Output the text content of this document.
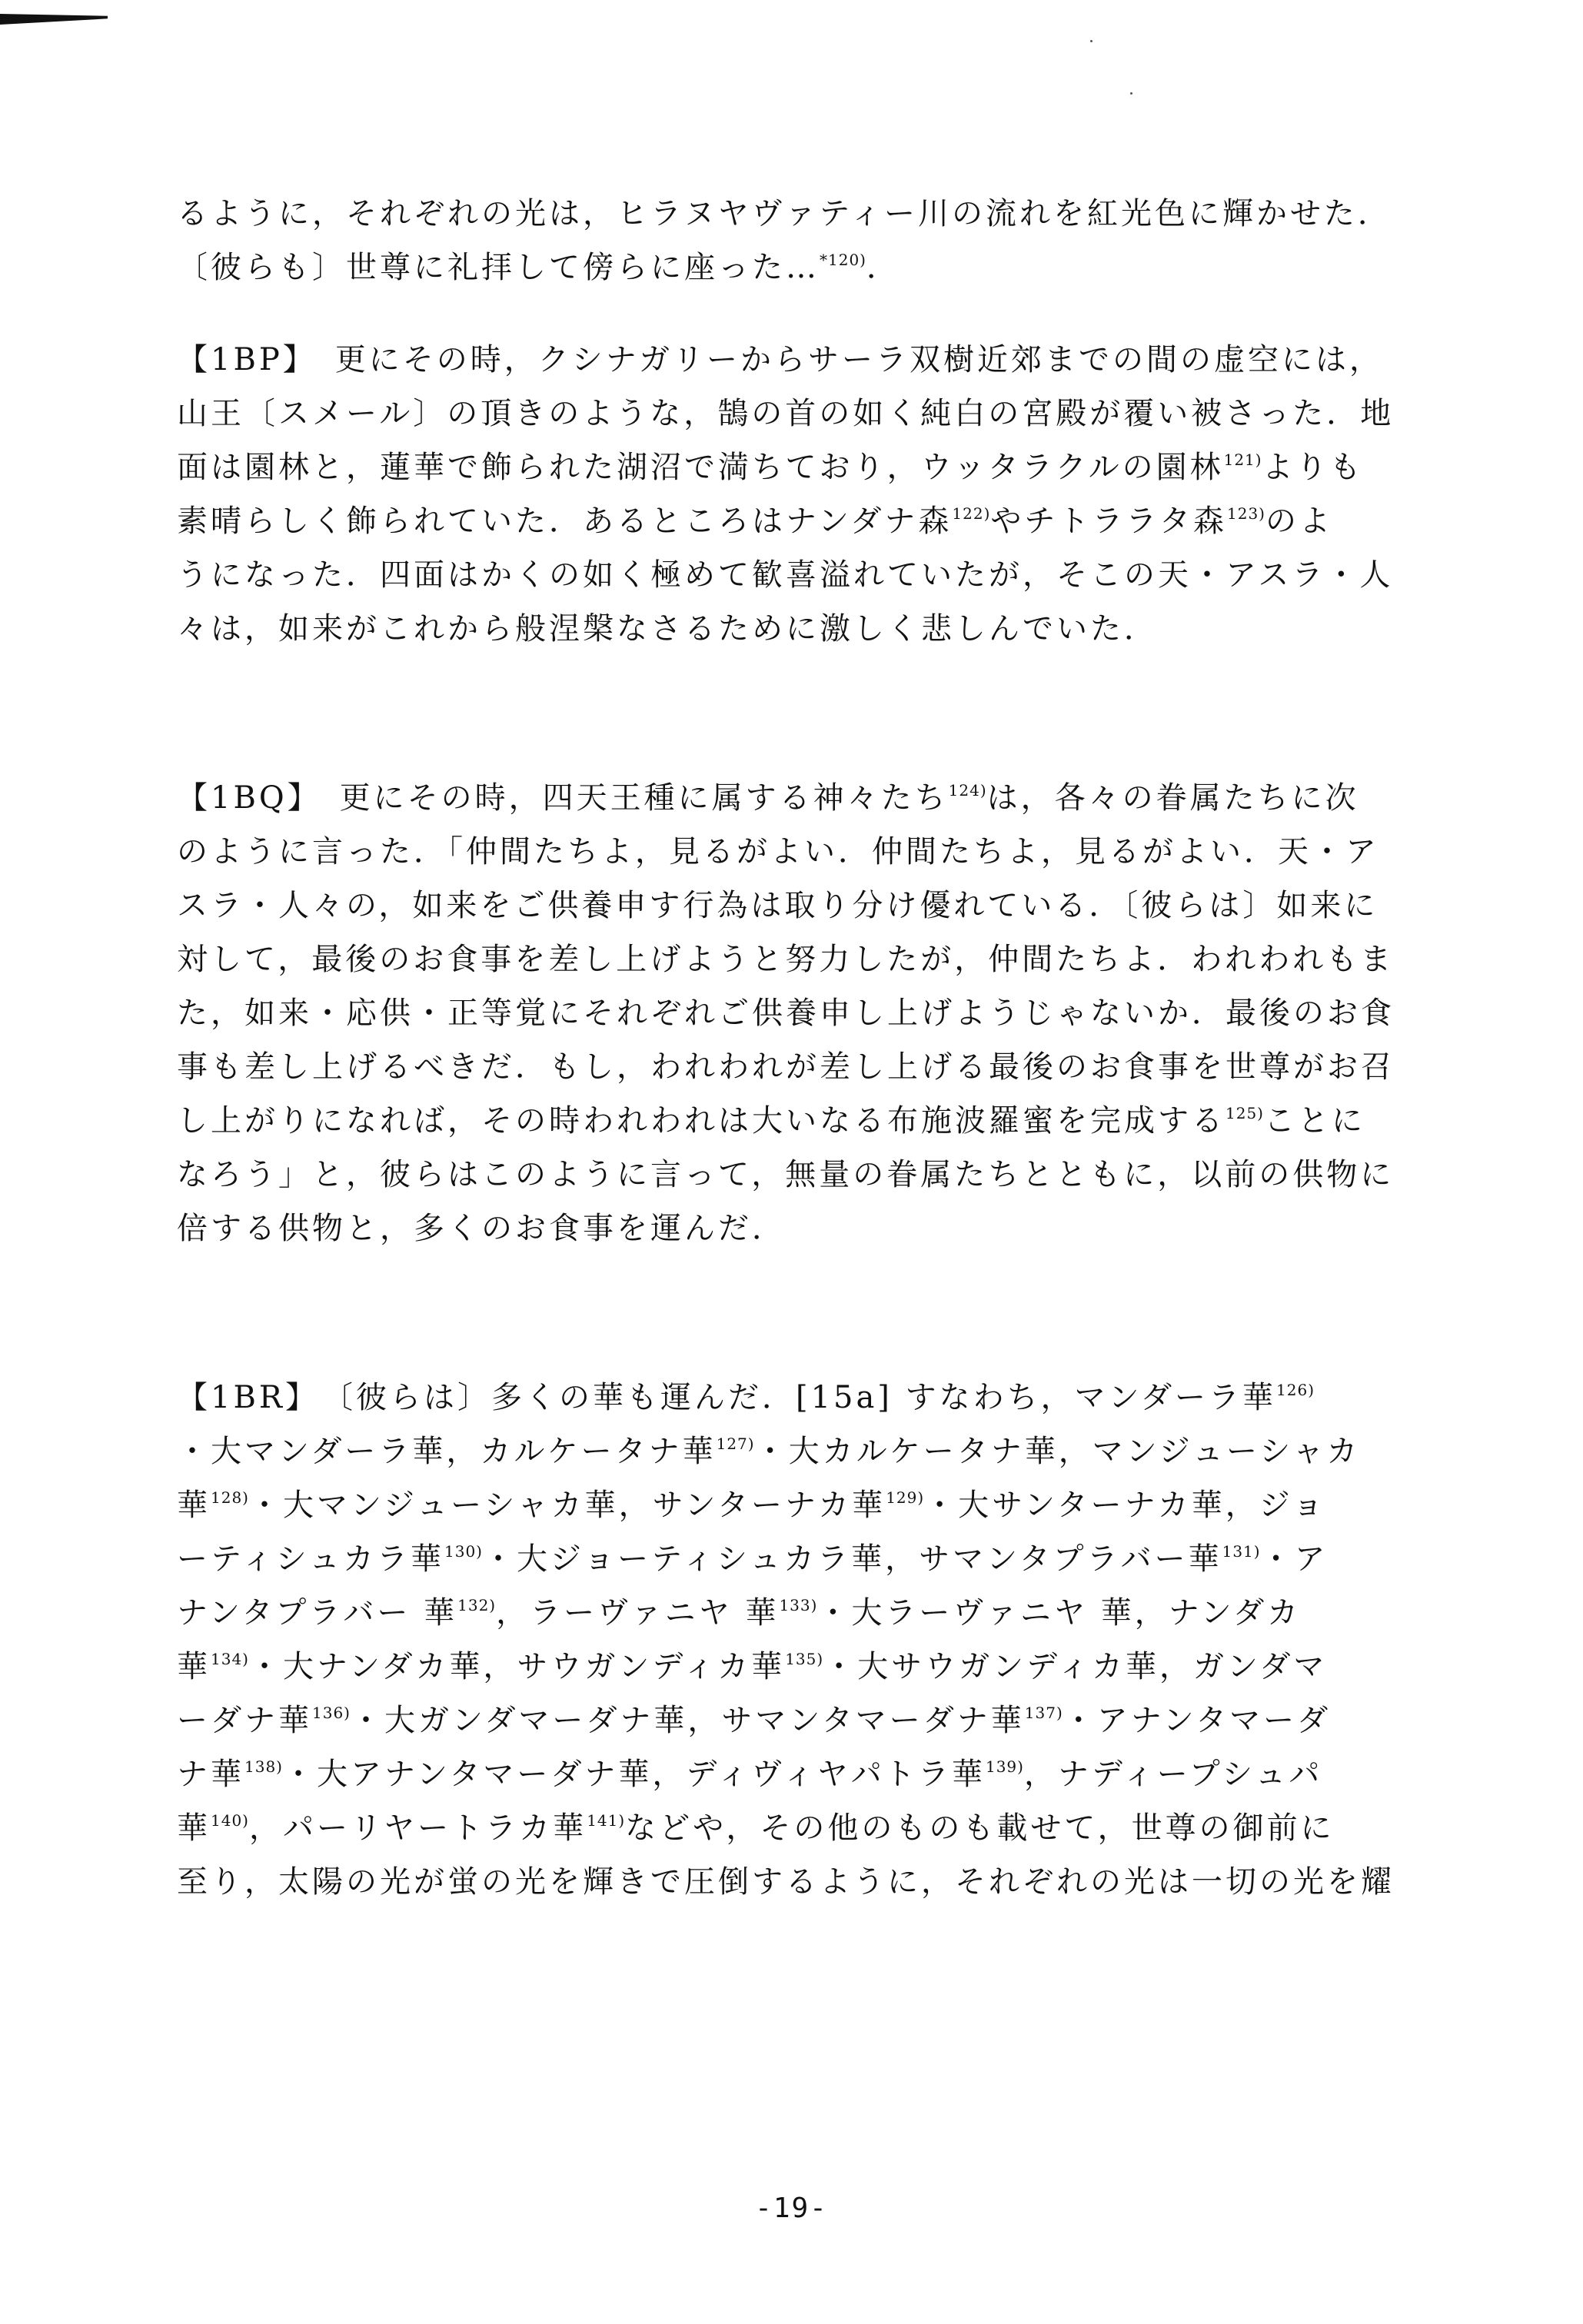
るように，それぞれの光は，ヒラヌヤヴァティー川の流れを紅光色に輝かせた．

〔彼らも〕世尊に礼拝して傍らに座った…$^{*120)}$．

【1BP】　更にその時，クシナガリーからサーラ双樹近郊までの間の虚空には，

山王〔スメール〕の頂きのような，鵠の首の如く純白の宮殿が覆い被さった．地

面は園林と，蓮華で飾られた湖沼で満ちており，ウッタラクルの園林$^{121)}$よりも

素晴らしく飾られていた．あるところはナンダナ森$^{122)}$やチトララタ森$^{123)}$のよ

うになった．四面はかくの如く極めて歓喜溢れていたが，そこの天・アスラ・人

々は，如来がこれから般涅槃なさるために激しく悲しんでいた．

【1BQ】　更にその時，四天王種に属する神々たち$^{124)}$は，各々の眷属たちに次

のように言った．「仲間たちよ，見るがよい．仲間たちよ，見るがよい．天・ア

スラ・人々の，如来をご供養申す行為は取り分け優れている．〔彼らは〕如来に

対して，最後のお食事を差し上げようと努力したが，仲間たちよ．われわれもま

た，如来・応供・正等覚にそれぞれご供養申し上げようじゃないか．最後のお食

事も差し上げるべきだ．もし，われわれが差し上げる最後のお食事を世尊がお召

し上がりになれば，その時われわれは大いなる布施波羅蜜を完成する$^{125)}$ことに

なろう」と，彼らはこのように言って，無量の眷属たちとともに，以前の供物に

倍する供物と，多くのお食事を運んだ．

【1BR】　〔彼らは〕多くの華も運んだ．[15a] すなわち，マンダーラ華$^{126)}$

・大マンダーラ華，カルケータナ華$^{127)}$・大カルケータナ華，マンジューシャカ

華$^{128)}$・大マンジューシャカ華，サンターナカ華$^{129)}$・大サンターナカ華，ジョ

ーティシュカラ華$^{130)}$・大ジョーティシュカラ華，サマンタプラバー華$^{131)}$・ア

ナンタプラバー 華$^{132)}$，ラーヴァニヤ 華$^{133)}$・大ラーヴァニヤ 華，ナンダカ

華$^{134)}$・大ナンダカ華，サウガンディカ華$^{135)}$・大サウガンディカ華，ガンダマ

ーダナ華$^{136)}$・大ガンダマーダナ華，サマンタマーダナ華$^{137)}$・アナンタマーダ

ナ華$^{138)}$・大アナンタマーダナ華，ディヴィヤパトラ華$^{139)}$，ナディープシュパ

華$^{140)}$，パーリヤートラカ華$^{141)}$などや，その他のものも載せて，世尊の御前に

至り，太陽の光が蛍の光を輝きで圧倒するように，それぞれの光は一切の光を耀

-19-
